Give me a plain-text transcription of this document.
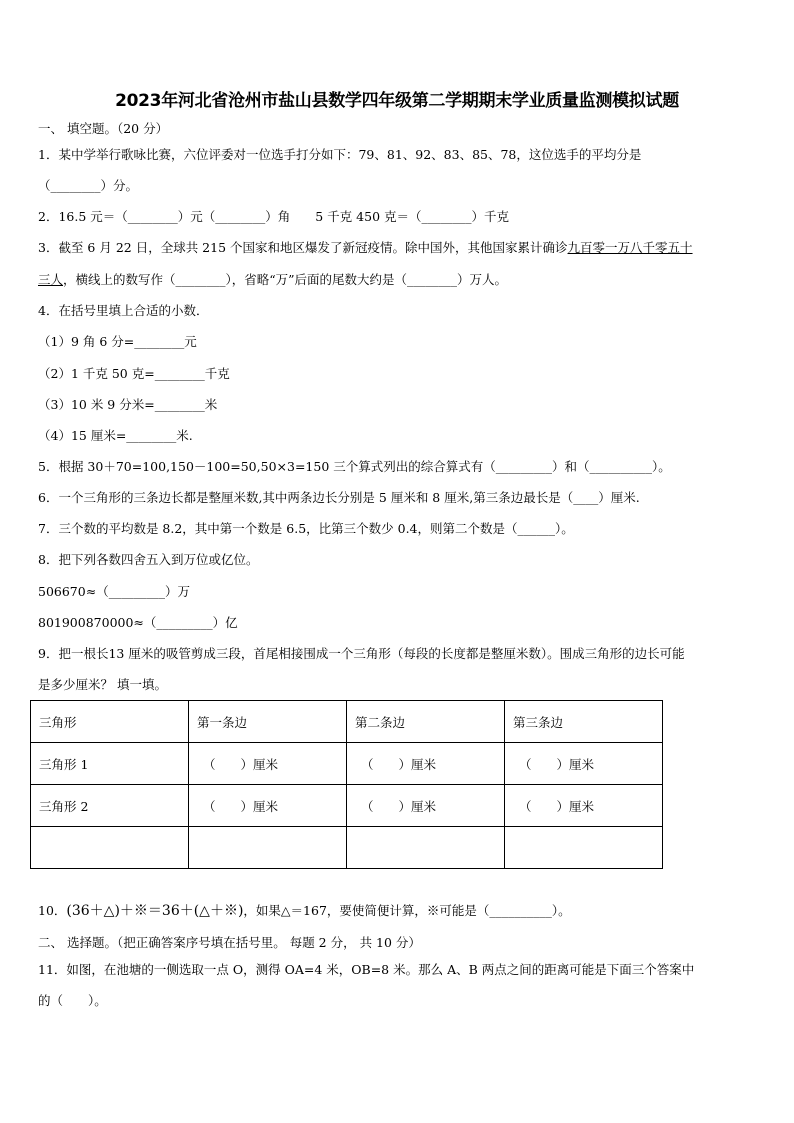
2023年河北省沧州市盐山县数学四年级第二学期期末学业质量监测模拟试题
一、 填空题。（20 分）
1．某中学举行歌咏比赛，六位评委对一位选手打分如下：79、81、92、83、85、78，这位选手的平均分是
（________）分。
2．16.5 元＝（________）元（________）角　　5 千克 450 克＝（________）千克
3．截至 6 月 22 日，全球共 215 个国家和地区爆发了新冠疫情。除中国外，其他国家累计确诊九百零一万八千零五十
三人，横线上的数写作（________），省略“万”后面的尾数大约是（________）万人。
4．在括号里填上合适的小数．
（1）9 角 6 分=________元
（2）1 千克 50 克=________千克
（3）10 米 9 分米=________米
（4）15 厘米=________米.
5．根据 30＋70=100,150－100=50,50×3=150 三个算式列出的综合算式有（_________）和（__________）。
6．一个三角形的三条边长都是整厘米数,其中两条边长分别是 5 厘米和 8 厘米,第三条边最长是（____）厘米.
7．三个数的平均数是 8.2，其中第一个数是 6.5，比第三个数少 0.4，则第二个数是（______）。
8．把下列各数四舍五入到万位或亿位。
506670≈（_________）万
801900870000≈（_________）亿
9．把一根长13 厘米的吸管剪成三段，首尾相接围成一个三角形（每段的长度都是整厘米数）。围成三角形的边长可能
是多少厘米？ 填一填。
三角形	第一条边	第二条边	第三条边
三角形 1	（　　）厘米	（　　）厘米	（　　）厘米
三角形 2	（　　）厘米	（　　）厘米	（　　）厘米

10．(36＋△)＋※＝36＋(△＋※)，如果△＝167，要使简便计算，※可能是（__________）。
二、 选择题。（把正确答案序号填在括号里。 每题 2 分， 共 10 分）
11．如图，在池塘的一侧选取一点 O，测得 OA=4 米，OB=8 米。那么 A、B 两点之间的距离可能是下面三个答案中
的（　　）。
